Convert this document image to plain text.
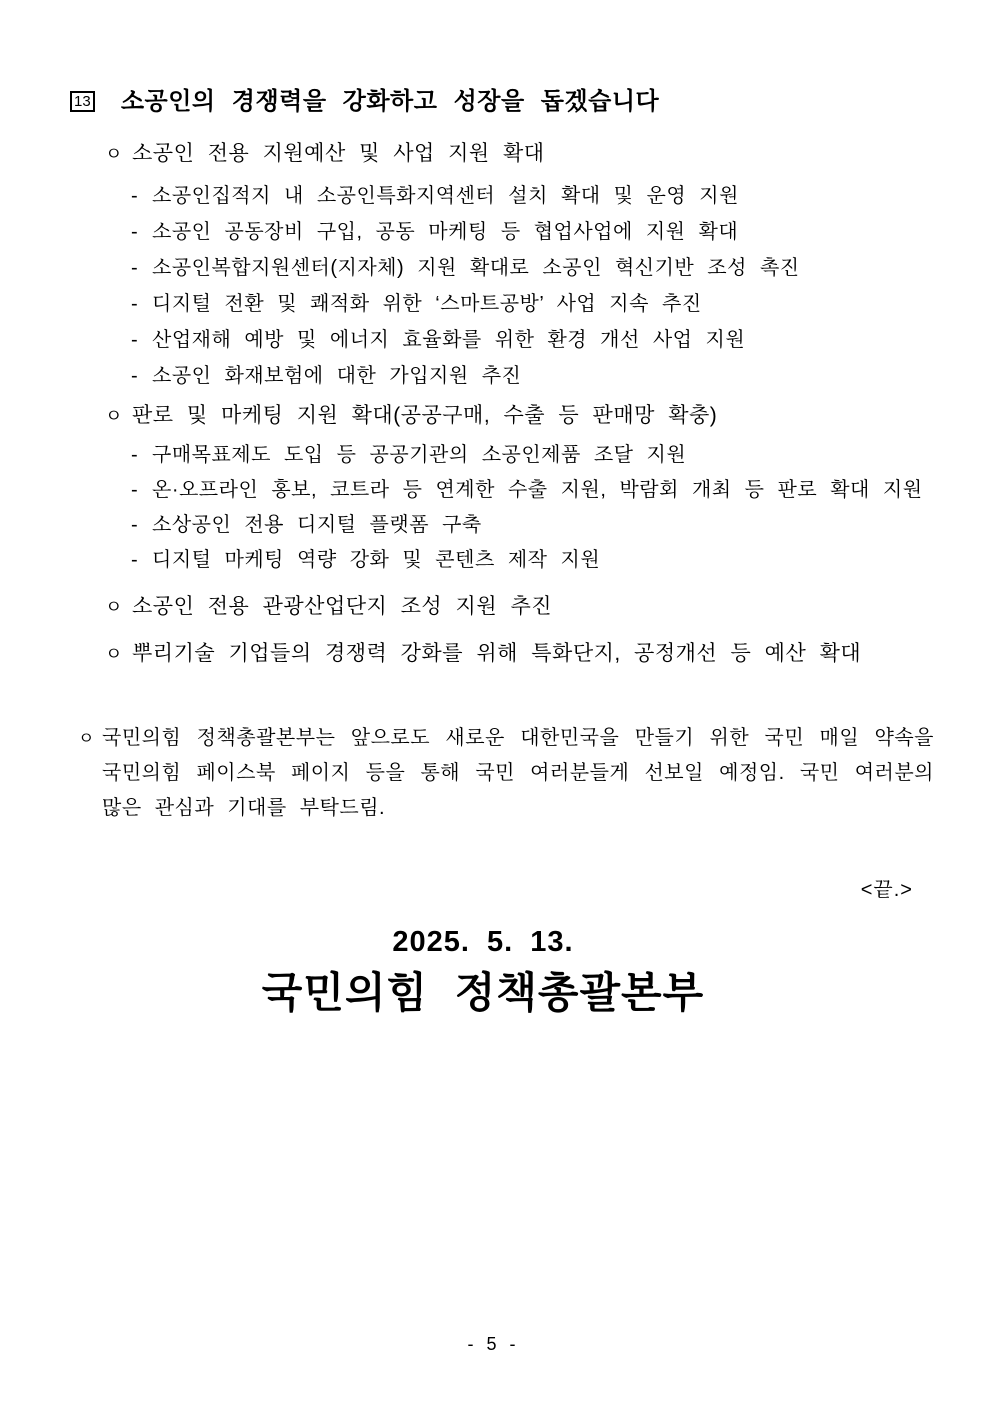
13 소공인의 경쟁력을 강화하고 성장을 돕겠습니다
ㅇ 소공인 전용 지원예산 및 사업 지원 확대
- 소공인집적지 내 소공인특화지역센터 설치 확대 및 운영 지원
- 소공인 공동장비 구입, 공동 마케팅 등 협업사업에 지원 확대
- 소공인복합지원센터(지자체) 지원 확대로 소공인 혁신기반 조성 촉진
- 디지털 전환 및 쾌적화 위한 ‘스마트공방’ 사업 지속 추진
- 산업재해 예방 및 에너지 효율화를 위한 환경 개선 사업 지원
- 소공인 화재보험에 대한 가입지원 추진
ㅇ 판로 및 마케팅 지원 확대(공공구매, 수출 등 판매망 확충)
- 구매목표제도 도입 등 공공기관의 소공인제품 조달 지원
- 온·오프라인 홍보, 코트라 등 연계한 수출 지원, 박람회 개최 등 판로 확대 지원
- 소상공인 전용 디지털 플랫폼 구축
- 디지털 마케팅 역량 강화 및 콘텐츠 제작 지원
ㅇ 소공인 전용 관광산업단지 조성 지원 추진
ㅇ 뿌리기술 기업들의 경쟁력 강화를 위해 특화단지, 공정개선 등 예산 확대
ㅇ 국민의힘 정책총괄본부는 앞으로도 새로운 대한민국을 만들기 위한 국민 매일 약속을 국민의힘 페이스북 페이지 등을 통해 국민 여러분들게 선보일 예정임. 국민 여러분의 많은 관심과 기대를 부탁드림.
<끝.>
2025. 5. 13.
국민의힘 정책총괄본부
- 5 -
